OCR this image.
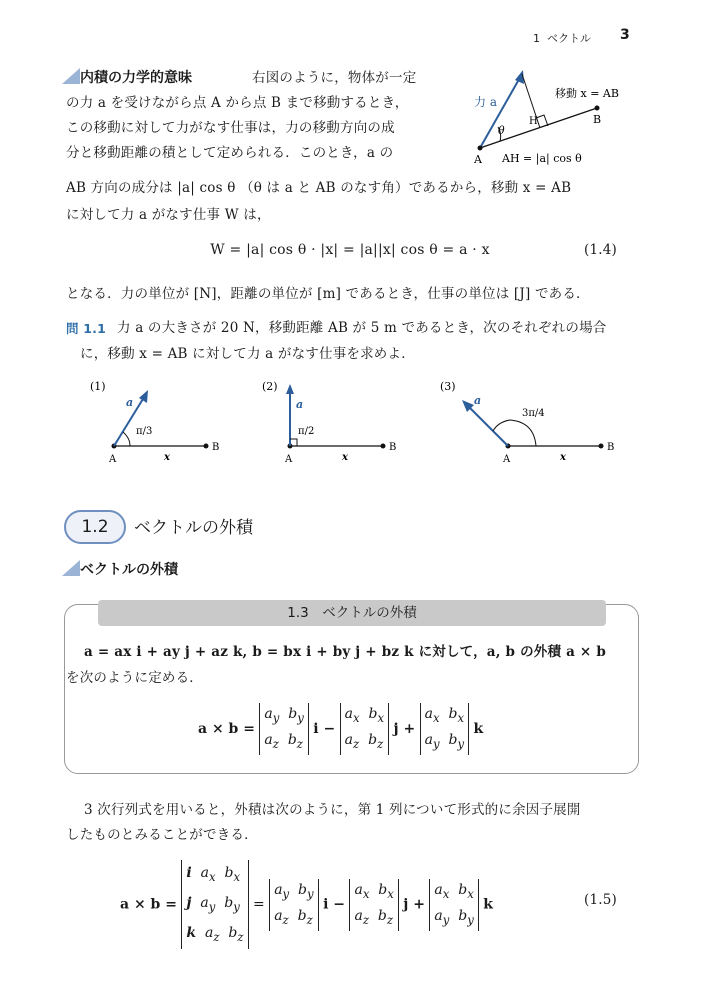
1 ベクトル 3
内積の力学的意味	右図のように，物体が一定
の力 a を受けながら点 A から点 B まで移動するとき，
この移動に対して力がなす仕事は，力の移動方向の成
分と移動距離の積として定められる．このとき，a の
AB 方向の成分は |a| cos θ （θ は a と AB のなす角）であるから，移動 x = AB
に対して力 a がなす仕事 W は，
力 a
θ
A
B
H
移動 x = AB
AH = |a| cos θ
W = |a| cos θ · |x| = |a||x| cos θ = a · x	(1.4)
となる．力の単位が [N]，距離の単位が [m] であるとき，仕事の単位は [J] である．
問 1.1 力 a の大きさが 20 N，移動距離 AB が 5 m であるとき，次のそれぞれの場合
に，移動 x = AB に対して力 a がなす仕事を求めよ．
(1)
a
π/3
A
B
x
(2)
a
π/2
A
B
x
(3)
a
3π/4
A
B
x
1.2	ベクトルの外積
ベクトルの外積
1.3　ベクトルの外積
a = ax i + ay j + az k, b = bx i + by j + bz k に対して，a, b の外積 a × b
を次のように定める．
a × b =
$a_y$  $b_y$
$a_z$  $b_z$
i −
$a_x$  $b_x$
$a_z$  $b_z$
j +
$a_x$  $b_x$
$a_y$  $b_y$
k
3 次行列式を用いると，外積は次のように，第 1 列について形式的に余因子展開
したものとみることができる．
a × b =
i  $a_x$  $b_x$
j  $a_y$  $b_y$
k  $a_z$  $b_z$
=
$a_y$  $b_y$
$a_z$  $b_z$
i −
$a_x$  $b_x$
$a_z$  $b_z$
j +
$a_x$  $b_x$
$a_y$  $b_y$
k	(1.5)
